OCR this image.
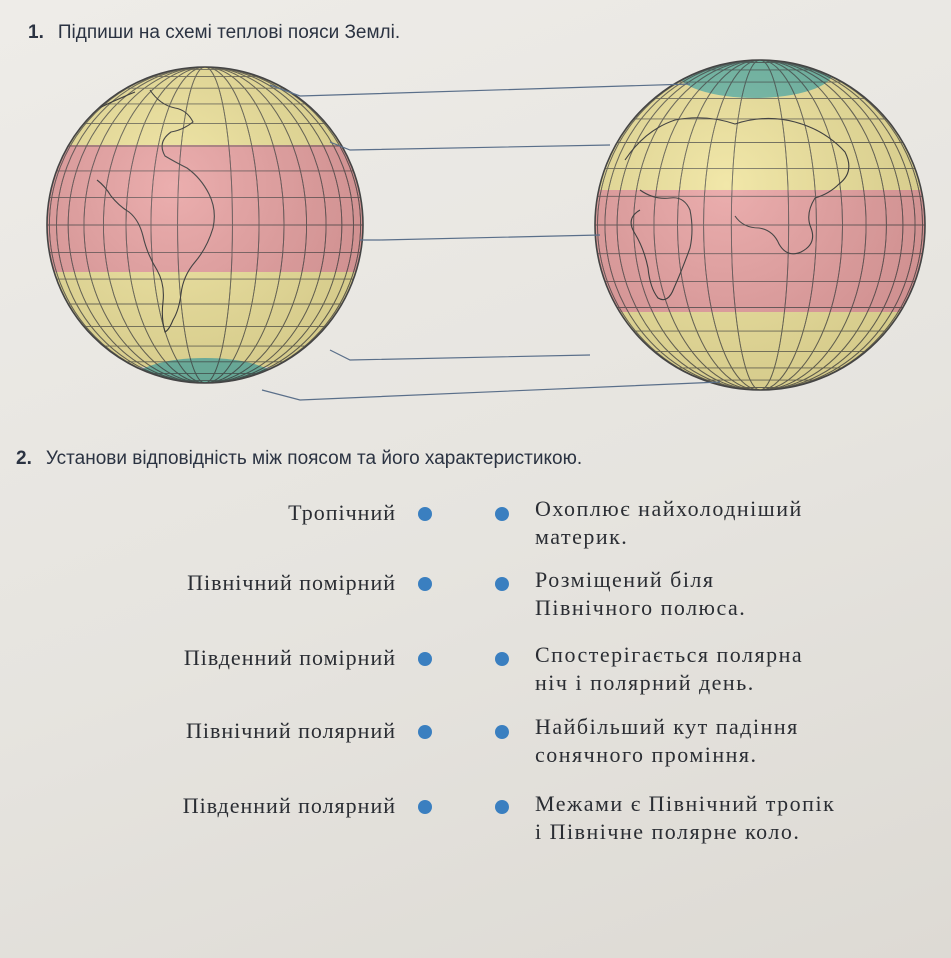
1. Підпиши на схемі теплові пояси Землі.
2. Установи відповідність між поясом та його характеристикою.
Тропічний	Охоплює найхолодніший
материк.
Північний помірний	Розміщений біля
Північного полюса.
Південний помірний	Спостерігається полярна
ніч і полярний день.
Північний полярний	Найбільший кут падіння
сонячного проміння.
Південний полярний	Межами є Північний тропік
і Північне полярне коло.
